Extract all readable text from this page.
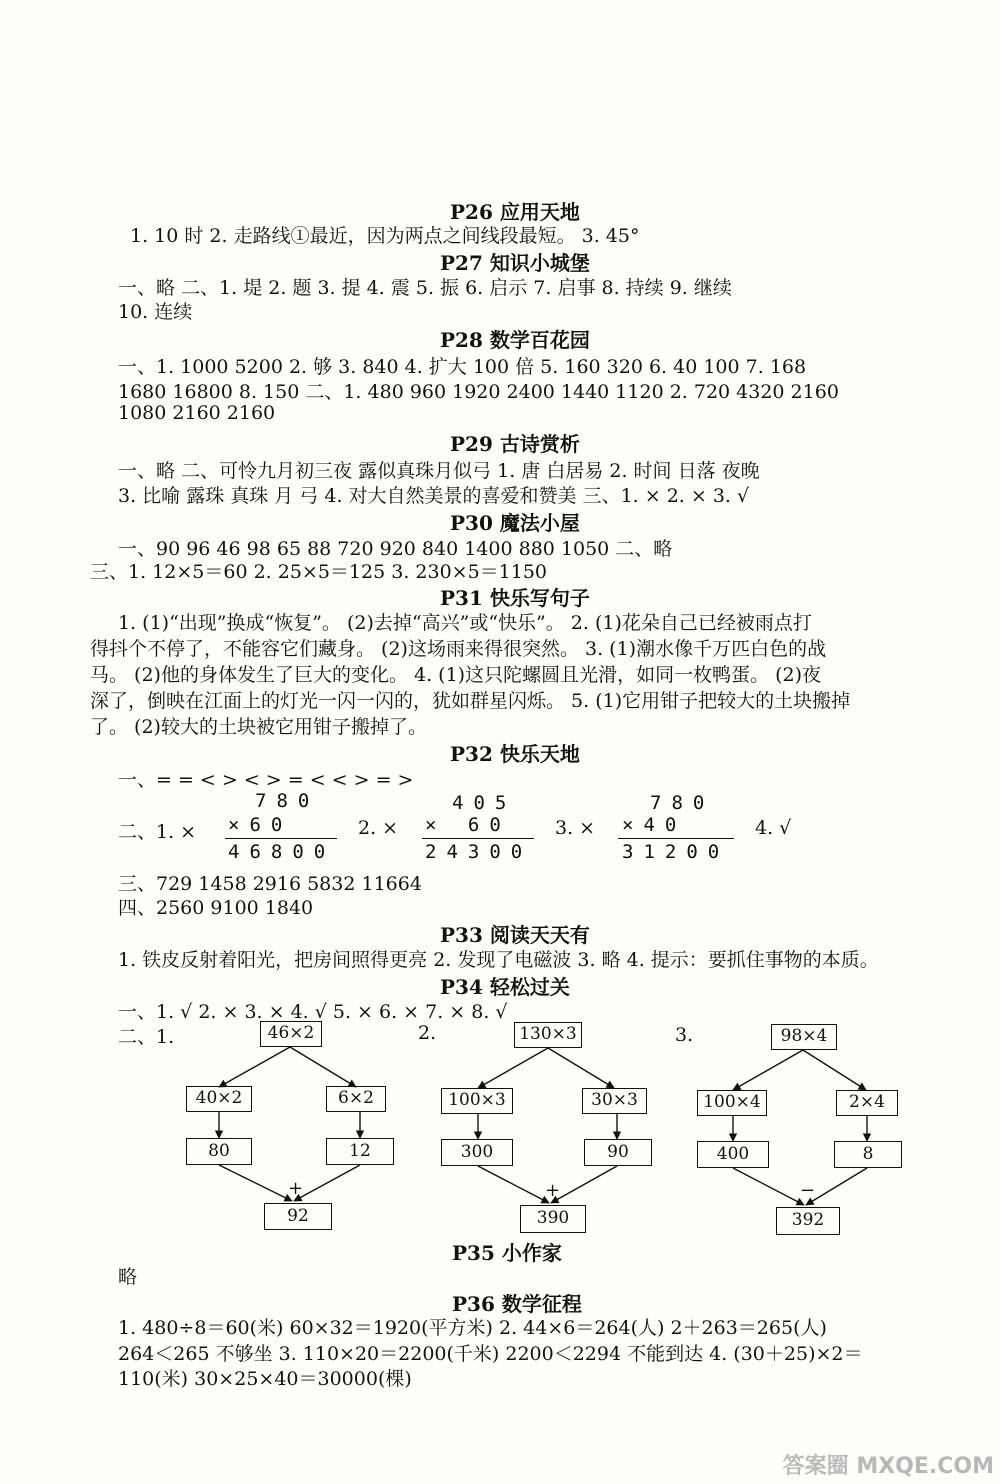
P26 应用天地
1. 10 时 2. 走路线①最近，因为两点之间线段最短。 3. 45°
P27 知识小城堡
一、略 二、1. 堤 2. 题 3. 提 4. 震 5. 振 6. 启示 7. 启事 8. 持续 9. 继续
10. 连续
P28 数学百花园
一、1. 1000 5200 2. 够 3. 840 4. 扩大 100 倍 5. 160 320 6. 40 100 7. 168
1680 16800 8. 150 二、1. 480 960 1920 2400 1440 1120 2. 720 4320 2160
1080 2160 2160
P29 古诗赏析
一、略 二、可怜九月初三夜 露似真珠月似弓 1. 唐 白居易 2. 时间 日落 夜晚
3. 比喻 露珠 真珠 月 弓 4. 对大自然美景的喜爱和赞美 三、1. × 2. × 3. √
P30 魔法小屋
一、90 96 46 98 65 88 720 920 840 1400 880 1050 二、略
三、1. 12×5＝60 2. 25×5＝125 3. 230×5＝1150
P31 快乐写句子
1. (1)“出现”换成“恢复”。 (2)去掉“高兴”或“快乐”。 2. (1)花朵自己已经被雨点打
得抖个不停了，不能容它们藏身。 (2)这场雨来得很突然。 3. (1)潮水像千万匹白色的战
马。 (2)他的身体发生了巨大的变化。 4. (1)这只陀螺圆且光滑，如同一枚鸭蛋。 (2)夜
深了，倒映在江面上的灯光一闪一闪的，犹如群星闪烁。 5. (1)它用钳子把较大的土块搬掉
了。 (2)较大的土块被它用钳子搬掉了。
P32 快乐天地
一、= = < > < > = < < > = >
二、1. ×
780
×60
46800
2. ×
405
× 60
24300
3. ×
780
×40
31200
4. √
三、729 1458 2916 5832 11664
四、2560 9100 1840
P33 阅读天天有
1. 铁皮反射着阳光，把房间照得更亮 2. 发现了电磁波 3. 略 4. 提示：要抓住事物的本质。
P34 轻松过关
一、1. √ 2. × 3. × 4. √ 5. × 6. × 7. × 8. √
二、1.	2.	3.
46×2
40×2	6×2
80	12
+
92
130×3
100×3	30×3
300	90
+
390
98×4
100×4	2×4
400	8
−
392
P35 小作家
略
P36 数学征程
1. 480÷8＝60(米) 60×32＝1920(平方米) 2. 44×6＝264(人) 2＋263＝265(人)
264＜265 不够坐 3. 110×20＝2200(千米) 2200＜2294 不能到达 4. (30＋25)×2＝
110(米) 30×25×40＝30000(棵)
答案圈 MXQE.COM
